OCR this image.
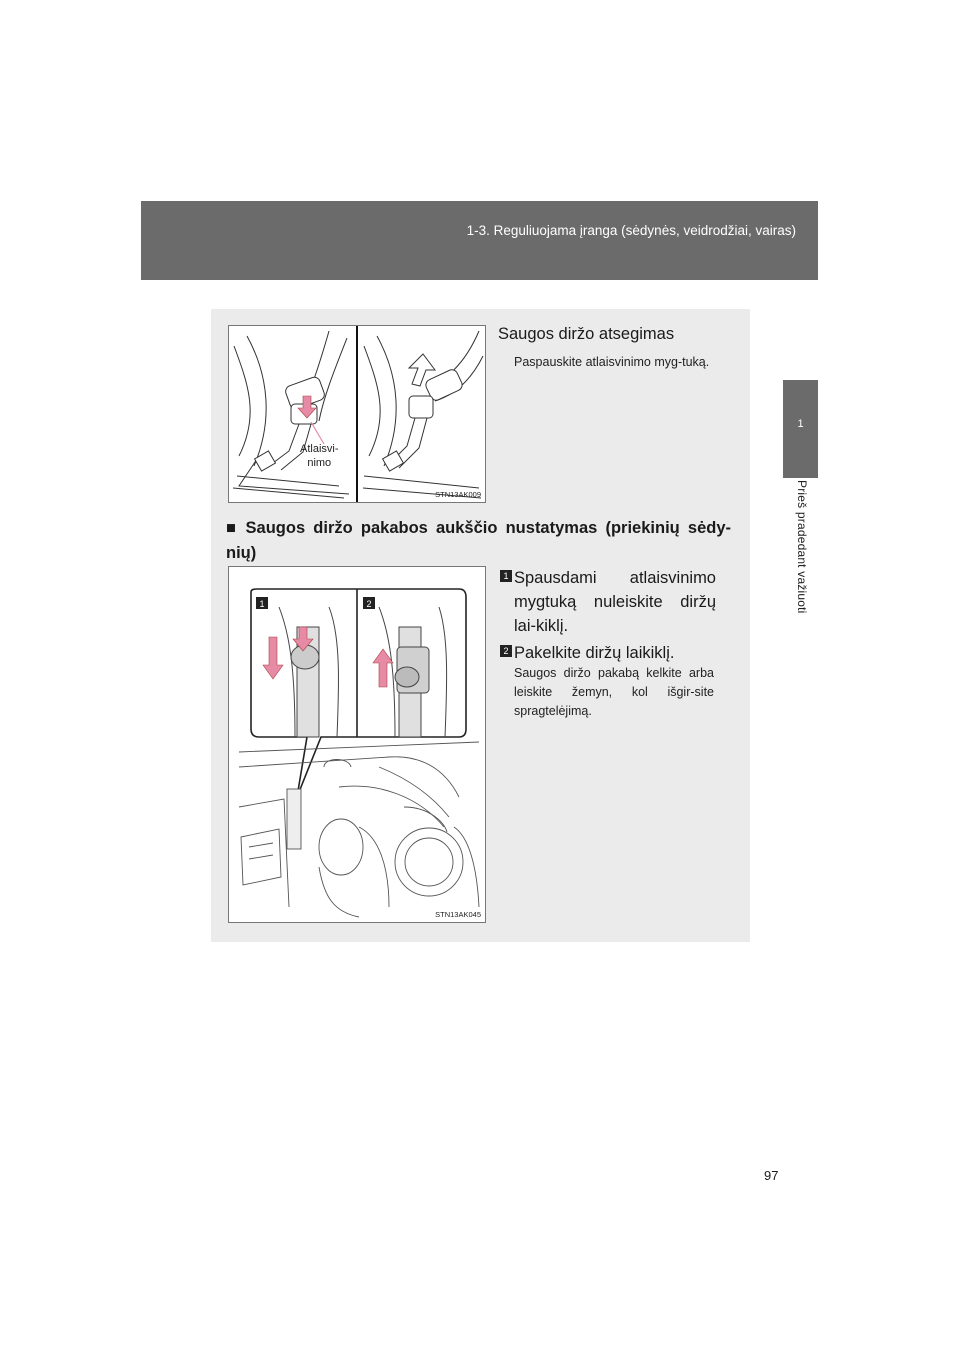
1-3. Reguliuojama įranga (sėdynės, veidrodžiai, vairas)
1
Prieš pradedant važiuoti
Atlaisvi-
nimo
STN13AK009
Saugos diržo atsegimas
Paspauskite atlaisvinimo myg-tuką.
■ Saugos diržo pakabos aukščio nustatymas (priekinių sėdy-nių)
1	2
STN13AK045
1 Spausdami atlaisvinimo mygtuką nuleiskite diržų lai-kiklį.
2 Pakelkite diržų laikiklį.
Saugos diržo pakabą kelkite arba leiskite žemyn, kol išgir-site spragtelėjimą.
97
